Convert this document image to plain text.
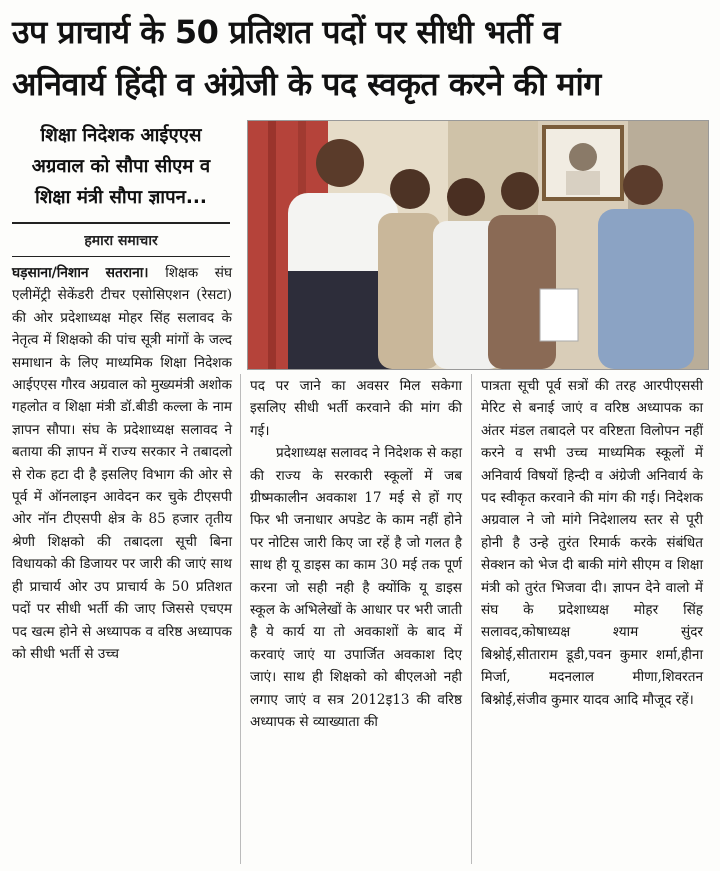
उप प्राचार्य के 50 प्रतिशत पदों पर सीधी भर्ती व
अनिवार्य हिंदी व अंग्रेजी के पद स्वकृत करने की मांग
शिक्षा निदेशक आईएएस
अग्रवाल को सौपा सीएम व
शिक्षा मंत्री सौपा ज्ञापन...
हमारा समाचार

घड़साना/निशान सतराना। शिक्षक संघ एलीमेंट्री सेकेंडरी टीचर एसोसिएशन (रेसटा) की ओर प्रदेशाध्यक्ष मोहर सिंह सलावद के नेतृत्व में शिक्षको की पांच सूत्री मांगों के जल्द समाधान के लिए माध्यमिक शिक्षा निदेशक आईएएस गौरव अग्रवाल को मुख्यमंत्री अशोक गहलोत व शिक्षा मंत्री डॉ.बीडी कल्ला के नाम ज्ञापन सौपा। संघ के प्रदेशाध्यक्ष सलावद ने बताया की ज्ञापन में राज्य सरकार ने तबादलो से रोक हटा दी है इसलिए विभाग की ओर से पूर्व में ऑनलाइन आवेदन कर चुके टीएसपी ओर नॉन टीएसपी क्षेत्र के 85 हजार तृतीय श्रेणी शिक्षको की तबादला सूची बिना विधायको की डिजायर पर जारी की जाएं साथ ही प्राचार्य ओर उप प्राचार्य के 50 प्रतिशत पदों पर सीधी भर्ती की जाए जिससे एचएम पद खत्म होने से अध्यापक व वरिष्ठ अध्यापक को सीधी भर्ती से उच्च

पद पर जाने का अवसर मिल सकेगा इसलिए सीधी भर्ती करवाने की मांग की गई।

प्रदेशाध्यक्ष सलावद ने निदेशक से कहा की राज्य के सरकारी स्कूलों में जब ग्रीष्मकालीन अवकाश 17 मई से हों गए फिर भी जनाधार अपडेट के काम नहीं होने पर नोटिस जारी किए जा रहें है जो गलत है साथ ही यू डाइस का काम 30 मई तक पूर्ण करना जो सही नही है क्योंकि यू डाइस स्कूल के अभिलेखों के आधार पर भरी जाती है ये कार्य या तो अवकाशों के बाद में करवाएं जाएं या उपार्जित अवकाश दिए जाएं। साथ ही शिक्षको को बीएलओ नही लगाए जाएं व सत्र 2012इ13 की वरिष्ठ अध्यापक से व्याख्याता की

पात्रता सूची पूर्व सत्रों की तरह आरपीएससी मेरिट से बनाई जाएं व वरिष्ठ अध्यापक का अंतर मंडल तबादले पर वरिष्टता विलोपन नहीं करने व सभी उच्च माध्यमिक स्कूलों में अनिवार्य विषयों हिन्दी व अंग्रेजी अनिवार्य के पद स्वीकृत करवाने की मांग की गई। निदेशक अग्रवाल ने जो मांगे निदेशालय स्तर से पूरी होनी है उन्हे तुरंत रिमार्क करके संबंधित सेक्शन को भेज दी बाकी मांगे सीएम व शिक्षा मंत्री को तुरंत भिजवा दी। ज्ञापन देने वालो में संघ के प्रदेशाध्यक्ष मोहर सिंह सलावद,कोषाध्यक्ष श्याम सुंदर बिश्नोई,सीताराम डूडी,पवन कुमार शर्मा,हीना मिर्जा, मदनलाल मीणा,शिवरतन बिश्नोई,संजीव कुमार यादव आदि मौजूद रहें।
